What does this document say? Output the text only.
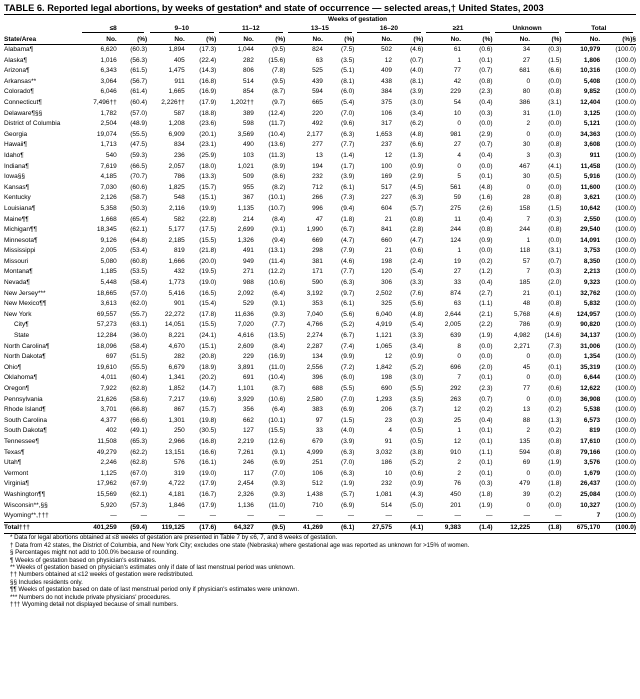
TABLE 6. Reported legal abortions, by weeks of gestation* and state of occurrence — selected areas,† United States, 2003
	Weeks of gestation															
	≤8		9–10		11–12		13–15		16–20		≥21		Unknown		Total	
State/Area	No.	(%)	No.	(%)	No.	(%)	No.	(%)	No.	(%)	No.	(%)	No.	(%)	No.	(%)§
Alabama¶	6,620	(60.3)	1,894	(17.3)	1,044	(9.5)	824	(7.5)	502	(4.6)	61	(0.6)	34	(0.3)	10,979	(100.0)
Alaska¶	1,016	(56.3)	405	(22.4)	282	(15.6)	63	(3.5)	12	(0.7)	1	(0.1)	27	(1.5)	1,806	(100.0)
Arizona¶	6,343	(61.5)	1,475	(14.3)	806	(7.8)	525	(5.1)	409	(4.0)	77	(0.7)	681	(6.6)	10,316	(100.0)
Arkansas**	3,064	(56.7)	911	(16.8)	514	(9.5)	439	(8.1)	438	(8.1)	42	(0.8)	0	(0.0)	5,408	(100.0)
Colorado¶	6,046	(61.4)	1,665	(16.9)	854	(8.7)	594	(6.0)	384	(3.9)	229	(2.3)	80	(0.8)	9,852	(100.0)
Connecticut¶	7,496††	(60.4)	2,226††	(17.9)	1,202††	(9.7)	665	(5.4)	375	(3.0)	54	(0.4)	386	(3.1)	12,404	(100.0)
Delaware¶§§	1,782	(57.0)	587	(18.8)	389	(12.4)	220	(7.0)	106	(3.4)	10	(0.3)	31	(1.0)	3,125	(100.0)
District of Columbia	2,504	(48.9)	1,208	(23.6)	598	(11.7)	492	(9.6)	317	(6.2)	0	(0.0)	2	(0.0)	5,121	(100.0)
Georgia	19,074	(55.5)	6,909	(20.1)	3,569	(10.4)	2,177	(6.3)	1,653	(4.8)	981	(2.9)	0	(0.0)	34,363	(100.0)
Hawaii¶	1,713	(47.5)	834	(23.1)	490	(13.6)	277	(7.7)	237	(6.6)	27	(0.7)	30	(0.8)	3,608	(100.0)
Idaho¶	540	(59.3)	236	(25.9)	103	(11.3)	13	(1.4)	12	(1.3)	4	(0.4)	3	(0.3)	911	(100.0)
Indiana¶	7,619	(66.5)	2,057	(18.0)	1,021	(8.9)	194	(1.7)	100	(0.9)	0	(0.0)	467	(4.1)	11,458	(100.0)
Iowa§§	4,185	(70.7)	786	(13.3)	509	(8.6)	232	(3.9)	169	(2.9)	5	(0.1)	30	(0.5)	5,916	(100.0)
Kansas¶	7,030	(60.6)	1,825	(15.7)	955	(8.2)	712	(6.1)	517	(4.5)	561	(4.8)	0	(0.0)	11,600	(100.0)
Kentucky	2,126	(58.7)	548	(15.1)	367	(10.1)	266	(7.3)	227	(6.3)	59	(1.6)	28	(0.8)	3,621	(100.0)
Louisiana¶	5,358	(50.3)	2,116	(19.9)	1,135	(10.7)	996	(9.4)	604	(5.7)	275	(2.6)	158	(1.5)	10,642	(100.0)
Maine¶¶	1,668	(65.4)	582	(22.8)	214	(8.4)	47	(1.8)	21	(0.8)	11	(0.4)	7	(0.3)	2,550	(100.0)
Michigan¶¶	18,345	(62.1)	5,177	(17.5)	2,699	(9.1)	1,990	(6.7)	841	(2.8)	244	(0.8)	244	(0.8)	29,540	(100.0)
Minnesota¶	9,126	(64.8)	2,185	(15.5)	1,326	(9.4)	669	(4.7)	660	(4.7)	124	(0.9)	1	(0.0)	14,091	(100.0)
Mississippi	2,005	(53.4)	819	(21.8)	491	(13.1)	298	(7.9)	21	(0.6)	1	(0.0)	118	(3.1)	3,753	(100.0)
Missouri	5,080	(60.8)	1,666	(20.0)	949	(11.4)	381	(4.6)	198	(2.4)	19	(0.2)	57	(0.7)	8,350	(100.0)
Montana¶	1,185	(53.5)	432	(19.5)	271	(12.2)	171	(7.7)	120	(5.4)	27	(1.2)	7	(0.3)	2,213	(100.0)
Nevada¶	5,448	(58.4)	1,773	(19.0)	988	(10.6)	590	(6.3)	306	(3.3)	33	(0.4)	185	(2.0)	9,323	(100.0)
New Jersey***	18,665	(57.0)	5,416	(16.5)	2,092	(6.4)	3,192	(9.7)	2,502	(7.6)	874	(2.7)	21	(0.1)	32,762	(100.0)
New Mexico¶¶	3,613	(62.0)	901	(15.4)	529	(9.1)	353	(6.1)	325	(5.6)	63	(1.1)	48	(0.8)	5,832	(100.0)
New York	69,557	(55.7)	22,272	(17.8)	11,636	(9.3)	7,040	(5.6)	6,040	(4.8)	2,644	(2.1)	5,768	(4.6)	124,957	(100.0)
City¶	57,273	(63.1)	14,051	(15.5)	7,020	(7.7)	4,766	(5.2)	4,919	(5.4)	2,005	(2.2)	786	(0.9)	90,820	(100.0)
State	12,284	(36.0)	8,221	(24.1)	4,616	(13.5)	2,274	(6.7)	1,121	(3.3)	639	(1.9)	4,982	(14.6)	34,137	(100.0)
North Carolina¶	18,096	(58.4)	4,670	(15.1)	2,609	(8.4)	2,287	(7.4)	1,065	(3.4)	8	(0.0)	2,271	(7.3)	31,006	(100.0)
North Dakota¶	697	(51.5)	282	(20.8)	229	(16.9)	134	(9.9)	12	(0.9)	0	(0.0)	0	(0.0)	1,354	(100.0)
Ohio¶	19,610	(55.5)	6,679	(18.9)	3,891	(11.0)	2,556	(7.2)	1,842	(5.2)	696	(2.0)	45	(0.1)	35,319	(100.0)
Oklahoma¶	4,011	(60.4)	1,341	(20.2)	691	(10.4)	396	(6.0)	198	(3.0)	7	(0.1)	0	(0.0)	6,644	(100.0)
Oregon¶	7,922	(62.8)	1,852	(14.7)	1,101	(8.7)	688	(5.5)	690	(5.5)	292	(2.3)	77	(0.6)	12,622	(100.0)
Pennsylvania	21,626	(58.6)	7,217	(19.6)	3,929	(10.6)	2,580	(7.0)	1,293	(3.5)	263	(0.7)	0	(0.0)	36,908	(100.0)
Rhode Island¶	3,701	(66.8)	867	(15.7)	356	(6.4)	383	(6.9)	206	(3.7)	12	(0.2)	13	(0.2)	5,538	(100.0)
South Carolina	4,377	(66.6)	1,301	(19.8)	662	(10.1)	97	(1.5)	23	(0.3)	25	(0.4)	88	(1.3)	6,573	(100.0)
South Dakota¶	402	(49.1)	250	(30.5)	127	(15.5)	33	(4.0)	4	(0.5)	1	(0.1)	2	(0.2)	819	(100.0)
Tennessee¶	11,508	(65.3)	2,966	(16.8)	2,219	(12.6)	679	(3.9)	91	(0.5)	12	(0.1)	135	(0.8)	17,610	(100.0)
Texas¶	49,279	(62.2)	13,151	(16.6)	7,261	(9.1)	4,999	(6.3)	3,032	(3.8)	910	(1.1)	594	(0.8)	79,166	(100.0)
Utah¶	2,246	(62.8)	576	(16.1)	246	(6.9)	251	(7.0)	186	(5.2)	2	(0.1)	69	(1.9)	3,576	(100.0)
Vermont	1,125	(67.0)	319	(19.0)	117	(7.0)	106	(6.3)	10	(0.6)	2	(0.1)	0	(0.0)	1,679	(100.0)
Virginia¶	17,962	(67.9)	4,722	(17.9)	2,454	(9.3)	512	(1.9)	232	(0.9)	76	(0.3)	479	(1.8)	26,437	(100.0)
Washington¶¶	15,569	(62.1)	4,181	(16.7)	2,326	(9.3)	1,438	(5.7)	1,081	(4.3)	450	(1.8)	39	(0.2)	25,084	(100.0)
Wisconsin**,§§	5,920	(57.3)	1,846	(17.9)	1,136	(11.0)	710	(6.9)	514	(5.0)	201	(1.9)	0	(0.0)	10,327	(100.0)
Wyoming**,†††	—	—	—	—	—	—	—	—	—	—	—	—	—	—	7	(100.0)
Total†††	401,259	(59.4)	119,125	(17.6)	64,327	(9.5)	41,269	(6.1)	27,575	(4.1)	9,383	(1.4)	12,225	(1.8)	675,170	(100.0)
* Data for legal abortions obtained at ≤8 weeks of gestation are presented in Table 7 by ≤6, 7, and 8 weeks of gestation.
† Data from 42 states, the District of Columbia, and New York City; excludes one state (Nebraska) where gestational age was reported as unknown for >15% of women.
§ Percentages might not add to 100.0% because of rounding.
¶ Weeks of gestation based on physician's estimates.
** Weeks of gestation based on physician's estimates only if date of last menstrual period was unknown.
†† Numbers obtained at ≤12 weeks of gestation were redistributed.
§§ Includes residents only.
¶¶ Weeks of gestation based on date of last menstrual period only if physician's estimates were unknown.
*** Numbers do not include private physicians' procedures.
††† Wyoming detail not displayed because of small numbers.
